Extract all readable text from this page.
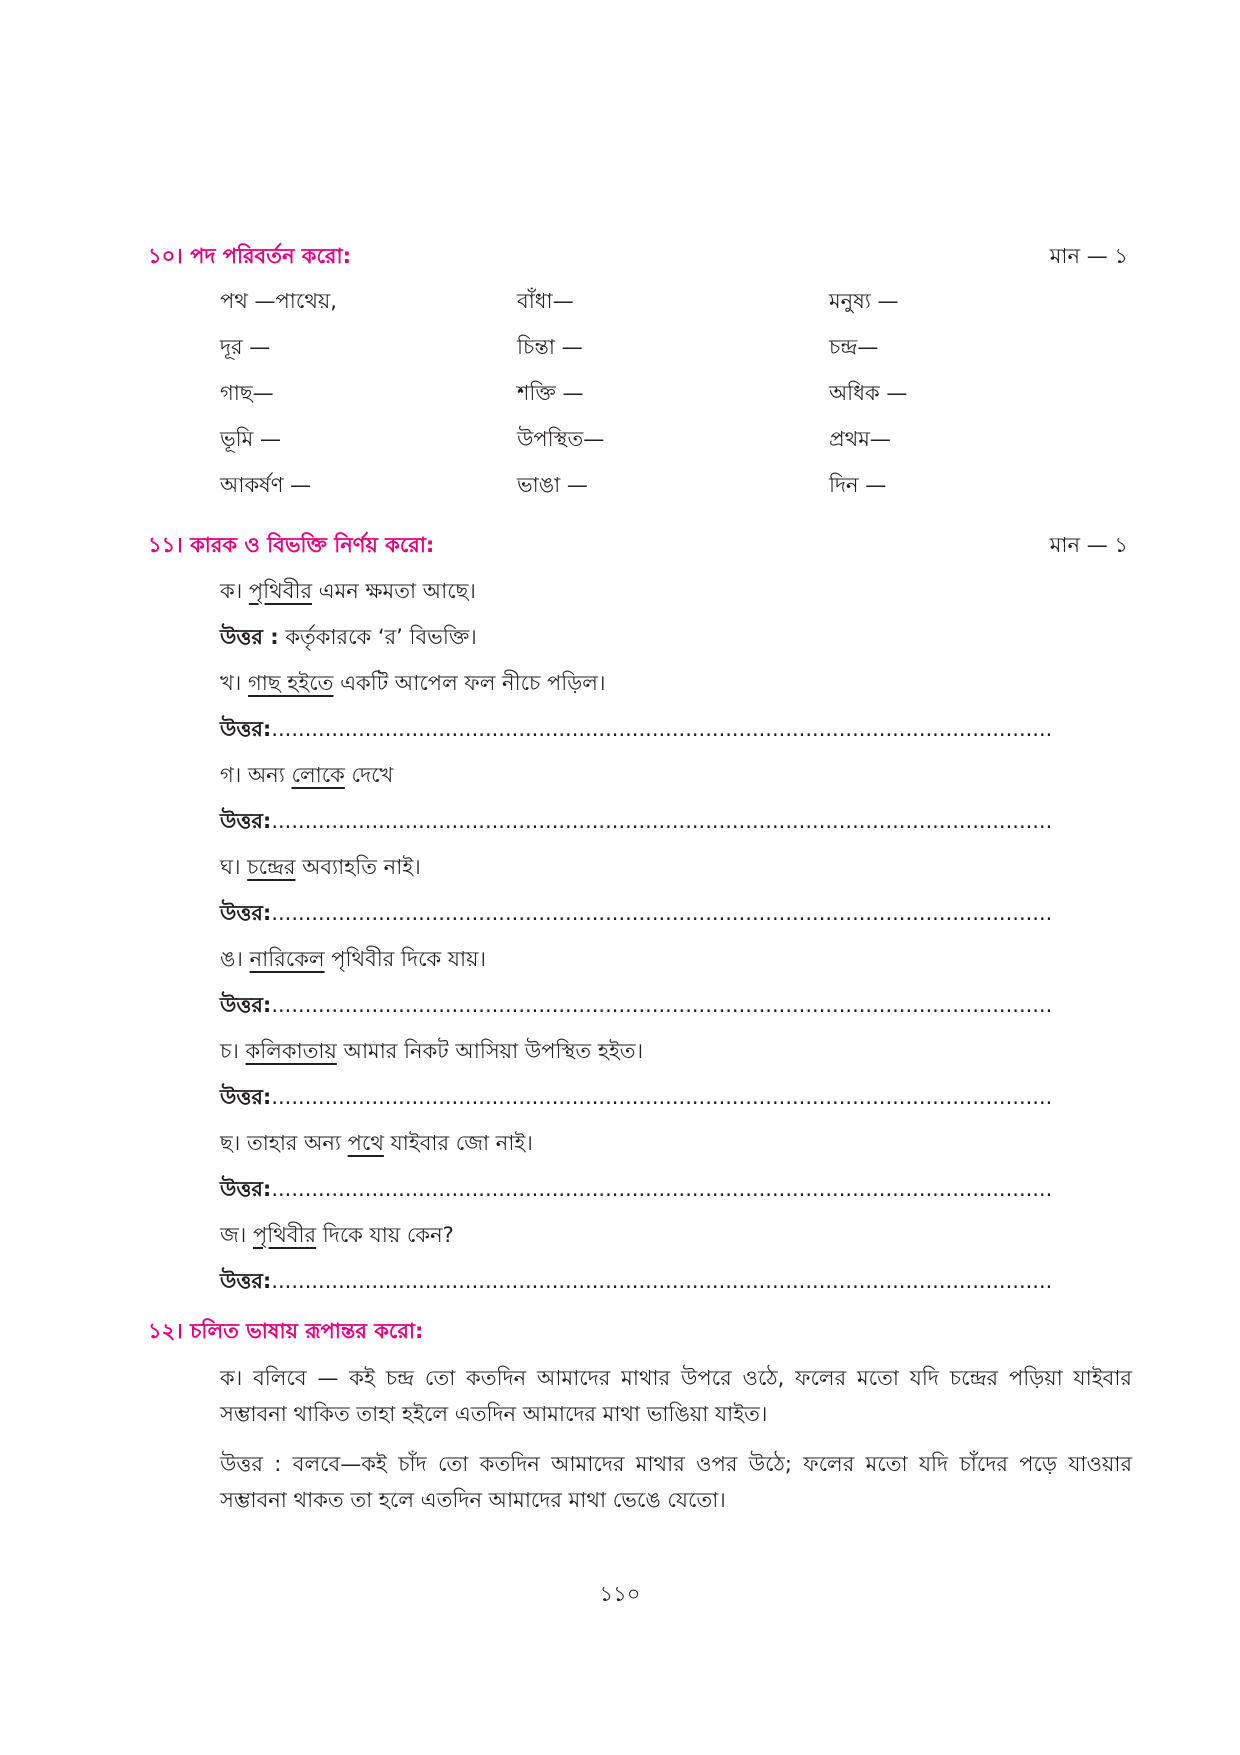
১০। পদ পরিবর্তন করো:	মান — ১
পথ —পাথেয়,	বাঁধা—	মনুষ্য —
দূর —	চিন্তা —	চন্দ্র—
গাছ—	শক্তি —	অধিক —
ভূমি —	উপস্থিত—	প্রথম—
আকর্ষণ —	ভাঙা —	দিন —
১১। কারক ও বিভক্তি নির্ণয় করো:	মান — ১
ক। পৃথিবীর এমন ক্ষমতা আছে।
উত্তর : কর্তৃকারকে ‘র’ বিভক্তি।
খ। গাছ হইতে একটি আপেল ফল নীচে পড়িল।
উত্তর:.....................................................................................................................
গ। অন্য লোকে দেখে
উত্তর:.....................................................................................................................
ঘ। চন্দ্রের অব্যাহতি নাই।
উত্তর:.....................................................................................................................
ঙ। নারিকেল পৃথিবীর দিকে যায়।
উত্তর:.....................................................................................................................
চ। কলিকাতায় আমার নিকট আসিয়া উপস্থিত হইত।
উত্তর:.....................................................................................................................
ছ। তাহার অন্য পথে যাইবার জো নাই।
উত্তর:.....................................................................................................................
জ। পৃথিবীর দিকে যায় কেন?
উত্তর:.....................................................................................................................
১২। চলিত ভাষায় রূপান্তর করো:
ক। বলিবে — কই চন্দ্র তো কতদিন আমাদের মাথার উপরে ওঠে, ফলের মতো যদি চন্দ্রের পড়িয়া যাইবার সম্ভাবনা থাকিত তাহা হইলে এতদিন আমাদের মাথা ভাঙিয়া যাইত।
উত্তর : বলবে—কই চাঁদ তো কতদিন আমাদের মাথার ওপর উঠে; ফলের মতো যদি চাঁদের পড়ে যাওয়ার সম্ভাবনা থাকত তা হলে এতদিন আমাদের মাথা ভেঙে যেতো।
১১০
